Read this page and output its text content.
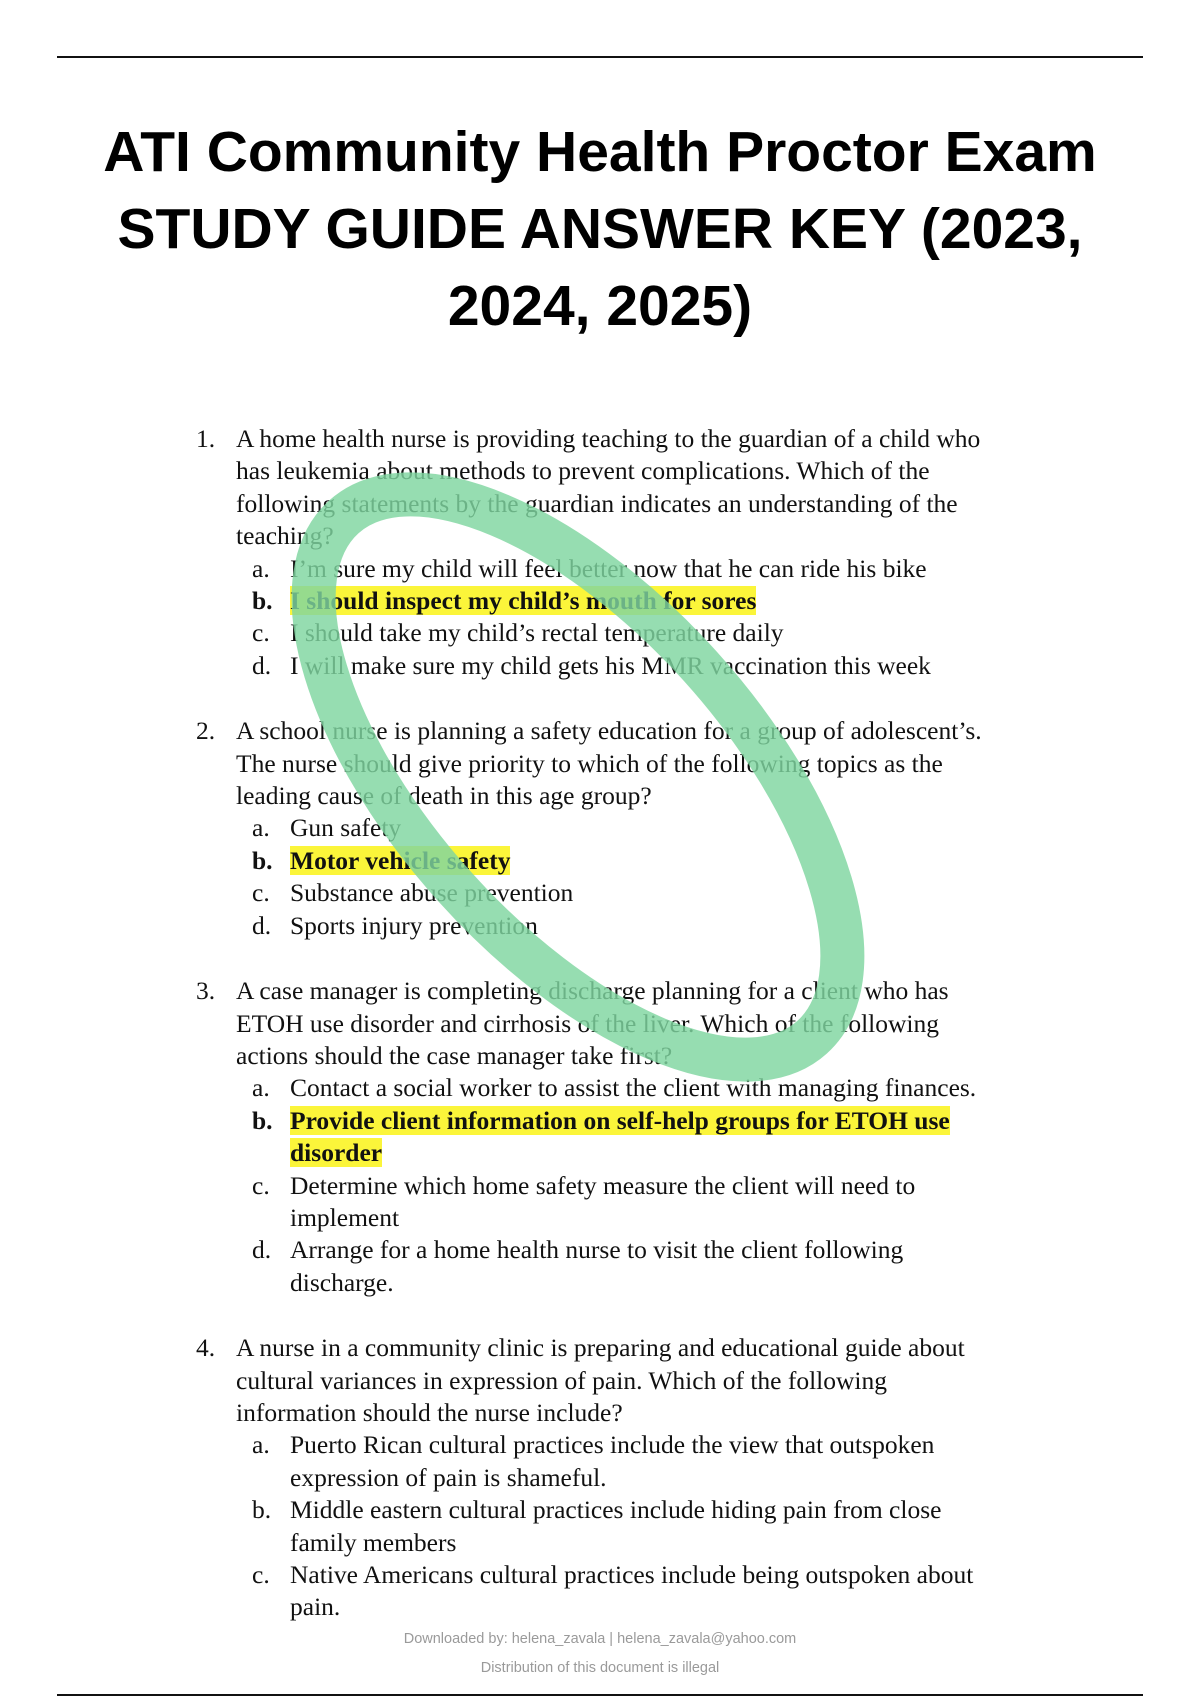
ATI Community Health Proctor Exam
STUDY GUIDE ANSWER KEY (2023,
2024, 2025)
1. A home health nurse is providing teaching to the guardian of a child who
has leukemia about methods to prevent complications. Which of the
following statements by the guardian indicates an understanding of the
teaching?
a. I’m sure my child will feel better now that he can ride his bike
b. I should inspect my child’s mouth for sores
c. I should take my child’s rectal temperature daily
d. I will make sure my child gets his MMR vaccination this week
2. A school nurse is planning a safety education for a group of adolescent’s.
The nurse should give priority to which of the following topics as the
leading cause of death in this age group?
a. Gun safety
b. Motor vehicle safety
c. Substance abuse prevention
d. Sports injury prevention
3. A case manager is completing discharge planning for a client who has
ETOH use disorder and cirrhosis of the liver. Which of the following
actions should the case manager take first?
a. Contact a social worker to assist the client with managing finances.
b. Provide client information on self-help groups for ETOH use
disorder
c. Determine which home safety measure the client will need to
implement
d. Arrange for a home health nurse to visit the client following
discharge.
4. A nurse in a community clinic is preparing and educational guide about
cultural variances in expression of pain. Which of the following
information should the nurse include?
a. Puerto Rican cultural practices include the view that outspoken
expression of pain is shameful.
b. Middle eastern cultural practices include hiding pain from close
family members
c. Native Americans cultural practices include being outspoken about
pain.
Downloaded by: helena_zavala | helena_zavala@yahoo.com
Distribution of this document is illegal
